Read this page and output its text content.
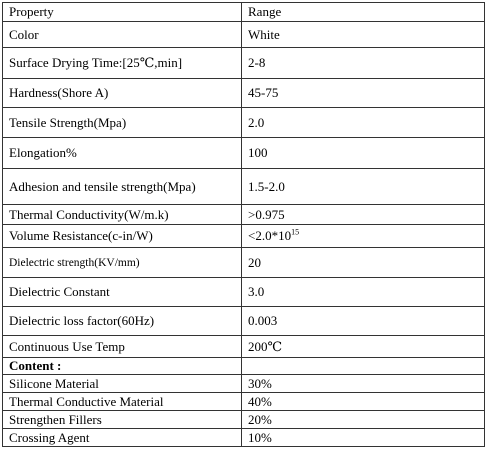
Property	Range
Color	White
Surface Drying Time:[25℃,min]	2-8
Hardness(Shore A)	45-75
Tensile Strength(Mpa)	2.0
Elongation%	100
Adhesion and tensile strength(Mpa)	1.5-2.0
Thermal Conductivity(W/m.k)	>0.975
Volume Resistance(c-in/W)	$<2.0*10^{15}$
Dielectric strength(KV/mm)	20
Dielectric Constant	3.0
Dielectric loss factor(60Hz)	0.003
Continuous Use Temp	200℃
Content :	
Silicone Material	30%
Thermal Conductive Material	40%
Strengthen Fillers	20%
Crossing Agent	10%
